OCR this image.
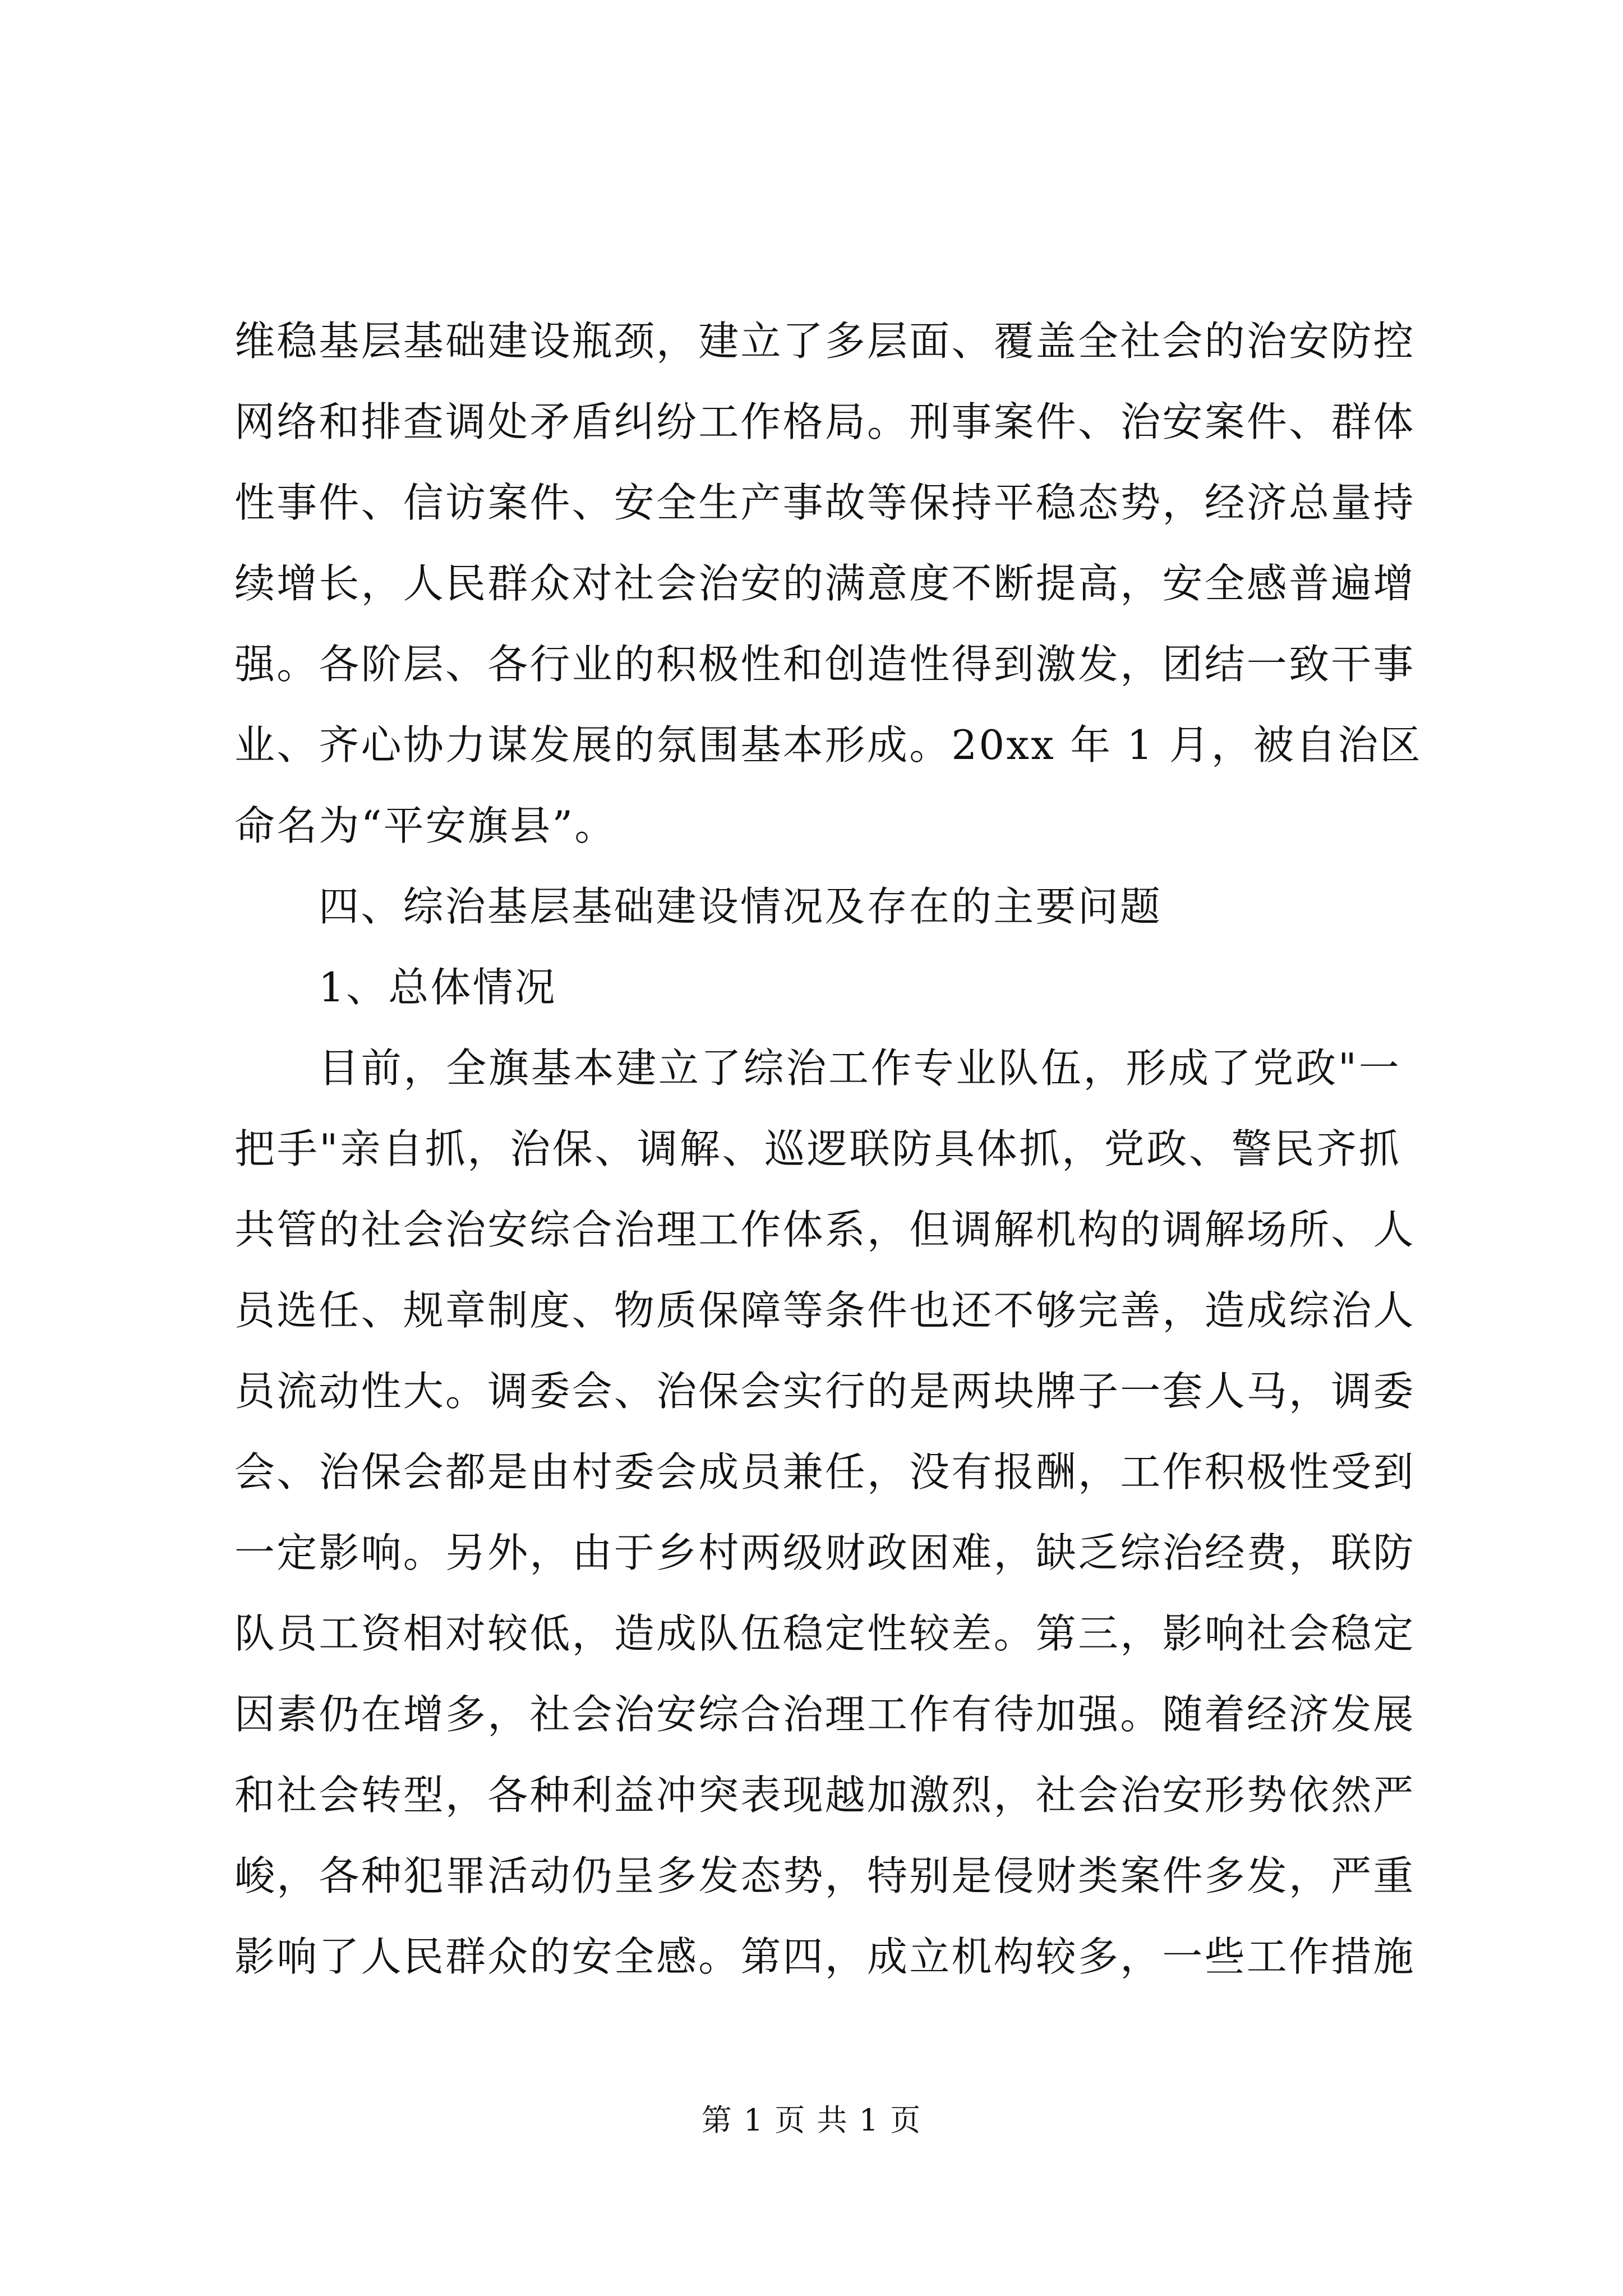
维稳基层基础建设瓶颈，建立了多层面、覆盖全社会的治安防控
网络和排查调处矛盾纠纷工作格局。刑事案件、治安案件、群体
性事件、信访案件、安全生产事故等保持平稳态势，经济总量持
续增长，人民群众对社会治安的满意度不断提高，安全感普遍增
强。各阶层、各行业的积极性和创造性得到激发，团结一致干事
业、齐心协力谋发展的氛围基本形成。20xx 年 1 月，被自治区
命名为“平安旗县”。
四、综治基层基础建设情况及存在的主要问题
1、总体情况
目前，全旗基本建立了综治工作专业队伍，形成了党政"一
把手"亲自抓，治保、调解、巡逻联防具体抓，党政、警民齐抓
共管的社会治安综合治理工作体系，但调解机构的调解场所、人
员选任、规章制度、物质保障等条件也还不够完善，造成综治人
员流动性大。调委会、治保会实行的是两块牌子一套人马，调委
会、治保会都是由村委会成员兼任，没有报酬，工作积极性受到
一定影响。另外，由于乡村两级财政困难，缺乏综治经费，联防
队员工资相对较低，造成队伍稳定性较差。第三，影响社会稳定
因素仍在增多，社会治安综合治理工作有待加强。随着经济发展
和社会转型，各种利益冲突表现越加激烈，社会治安形势依然严
峻，各种犯罪活动仍呈多发态势，特别是侵财类案件多发，严重
影响了人民群众的安全感。第四，成立机构较多，一些工作措施
第 1 页 共 1 页
